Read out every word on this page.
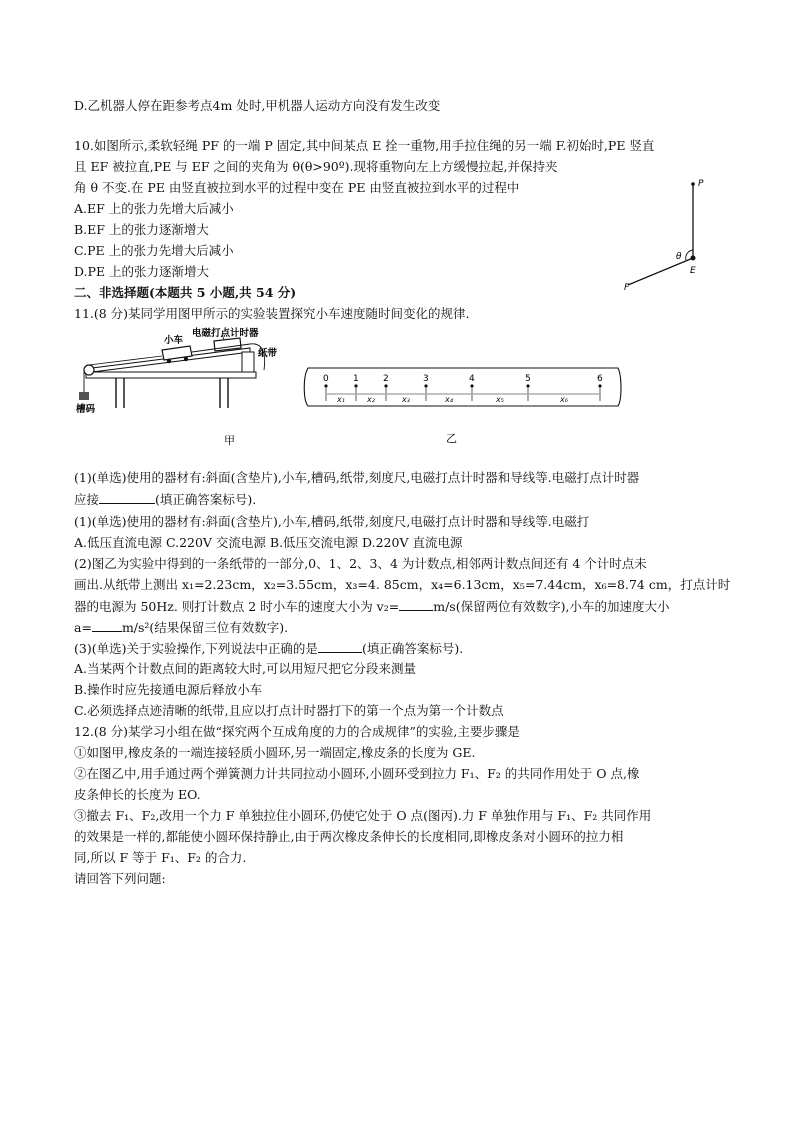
D.乙机器人停在距参考点4m 处时,甲机器人运动方向没有发生改变
10.如图所示,柔软轻绳 PF 的一端 P 固定,其中间某点 E 拴一重物,用手拉住绳的另一端 F.初始时,PE 竖直
且 EF 被拉直,PE 与 EF 之间的夹角为 θ(θ>90º).现将重物向左上方缓慢拉起,并保持夹
角 θ 不变.在 PE 由竖直被拉到水平的过程中变在 PE 由竖直被拉到水平的过程中
A.EF 上的张力先增大后减小
B.EF 上的张力逐渐增大
C.PE 上的张力先增大后减小
D.PE 上的张力逐渐增大
二、非选择题(本题共 5 小题,共 54 分)
11.(8 分)某同学用图甲所示的实验装置探究小车速度随时间变化的规律.
P
E
F
θ
小车
电磁打点计时器
纸带
槽码
甲
0	1	2	3	4	5	6
x₁	x₂	x₃	x₄	x₅	x₆
乙
(1)(单选)使用的器材有:斜面(含垫片),小车,槽码,纸带,刻度尺,电磁打点计时器和导线等.电磁打点计时器
应接	(填正确答案标号).
(1)(单选)使用的器材有:斜面(含垫片),小车,槽码,纸带,刻度尺,电磁打点计时器和导线等.电磁打
A.低压直流电源 C.220V 交流电源 B.低压交流电源 D.220V 直流电源
(2)图乙为实验中得到的一条纸带的一部分,0、1、2、3、4 为计数点,相邻两计数点间还有 4 个计时点未
画出.从纸带上测出 x₁=2.23cm，x₂=3.55cm，x₃=4. 85cm，x₄=6.13cm，x₅=7.44cm，x₆=8.74 cm，打点计时
器的电源为 50Hz. 则打计数点 2 时小车的速度大小为 v₂=	m/s(保留两位有效数字),小车的加速度大小
a= m/s²(结果保留三位有效数字).
(3)(单选)关于实验操作,下列说法中正确的是	(填正确答案标号).
A.当某两个计数点间的距离较大时,可以用短尺把它分段来测量
B.操作时应先接通电源后释放小车
C.必须选择点迹清晰的纸带,且应以打点计时器打下的第一个点为第一个计数点
12.(8 分)某学习小组在做“探究两个互成角度的力的合成规律”的实验,主要步骤是
①如图甲,橡皮条的一端连接轻质小圆环,另一端固定,橡皮条的长度为 GE.
②在图乙中,用手通过两个弹簧测力计共同拉动小圆环,小圆环受到拉力 F₁、F₂ 的共同作用处于 O 点,橡
皮条伸长的长度为 EO.
③撤去 F₁、F₂,改用一个力 F 单独拉住小圆环,仍使它处于 O 点(图丙).力 F 单独作用与 F₁、F₂ 共同作用
的效果是一样的,都能使小圆环保持静止,由于两次橡皮条伸长的长度相同,即橡皮条对小圆环的拉力相
同,所以 F 等于 F₁、F₂ 的合力.
请回答下列问题:
